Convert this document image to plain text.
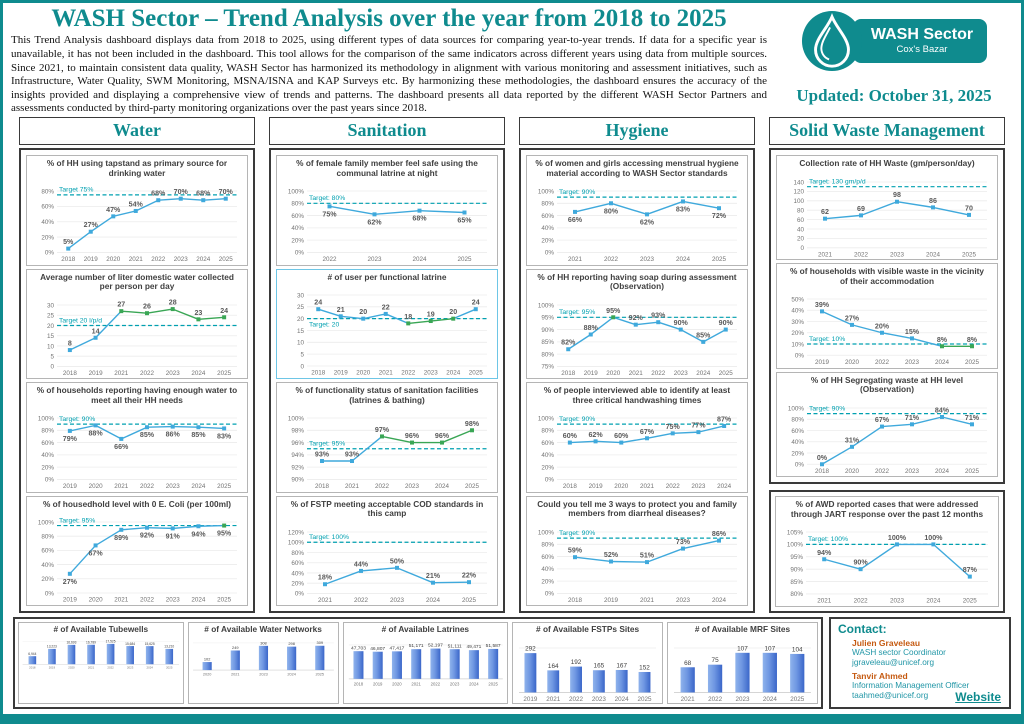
WASH Sector – Trend Analysis over the year from 2018 to 2025

This Trend Analysis dashboard displays data from 2018 to 2025, using different types of data sources for comparing year-to-year trends. If data for a specific year is unavailable, it has not been included in the dashboard. This tool allows for the comparison of the same indicators across different years using data from multiple sources. Since 2021, to maintain consistent data quality, WASH Sector has harmonized its methodology in alignment with various monitoring and assessment initiatives, such as Infrastructure, Water Quality, SWM Monitoring, MSNA/ISNA and KAP Surveys etc. By harmonizing these methodologies, the dashboard ensures the accuracy of the insights provided and displaying a comprehensive view of trends and patterns. The dashboard presents all data reported by the different WASH Sector Partners and assessments conducted by third-party monitoring organizations over the past years since 2018.

WASH Sector
Cox's Bazar
Updated: October 31, 2025
Water
% of HH using tapstand as primary source for drinking water
0%
20%
40%
60%
80%
2018 2019 2020 2021 2022 2023 2024 2025
Target 75%
5%
27%
47%
54%
68% 70% 68% 70%
Average number of liter domestic water collected per person per day
0
5
10
15
20
25
30
2018 2019 2021 2022 2023 2024 2025
Target 20 l/p/d
8
14
27	26
28
23	24
% of households reporting having enough water to meet all their HH needs
0%
20%
40%
60%
80%
100%
2019 2020 2021 2022 2023 2024 2025
Target: 90%
79%
88%
66%
85% 86% 85% 83%
% of housedhold level with 0 E. Coli (per 100ml)
0%
20%
40%
60%
80%
100%
2019 2020 2021 2022 2023 2024 2025
Target: 95%
27%
67%
89% 92% 91% 94% 95%
Sanitation
% of female family member feel safe using the communal latrine at night
0%
20%
40%
60%
80%
100%
2022	2023	2024	2025
Target: 80%
75%
62%	68%	65%
# of user per functional latrine
0
5
10
15
20
25
30
2018 2019 2020 2021 2022 2023 2024 2025
Target: 20
24
21 20
22
18 19 20
24
% of functionality status of sanitation facilities (latrines & bathing)
90%
92%
94%
96%
98%
100%
2018	2021	2022	2023	2024	2025
Target: 95%
93% 93%
97%
96% 96%
98%
% of FSTP meeting acceptable COD standards in this camp
0%
20%
40%
60%
80%
100%
120%
2021	2022	2023	2024	2025
Target: 100%
18%
44%	50%
21%	22%
Hygiene
% of women and girls accessing menstrual hygiene material according to WASH Sector standards
0%
20%
40%
60%
80%
100%
2021	2022	2023	2024	2025
Target: 90%
66%
80%
62%
83%
72%
% of HH reporting having soap during assessment (Observation)
75%
80%
85%
90%
95%
100%
2018 2019 2020 2021 2022 2023 2024 2025
Target: 95%
82%
88%
95%
92% 93%
90%
85%
90%
% of people interviewed able to identify at least three critical handwashing times
0%
20%
40%
60%
80%
100%
2018 2019 2020 2021 2022 2023 2024
Target: 90%
60% 62% 60%
67%
75% 77%
87%
Could you tell me 3 ways to protect you and family members from diarrheal diseases?
0%
20%
40%
60%
80%
100%
2018	2019	2021	2023	2024
Target: 90%
59%
52%	51%
73%
86%
Solid Waste Management
Collection rate of HH Waste (gm/person/day)
0
20
40
60
80
100
120
140
2021	2022	2023	2024	2025
Target: 130 gm/p/d
62	69
98
86
70
% of households with visible waste in the vicinity of their accommodation
0%
10%
20%
30%
40%
50%
2019	2020	2022	2023	2024	2025
Target: 10%
39%
27%
20%
15%
8%	8%
% of HH Segregating waste at HH level (Observation)
0%
20%
40%
60%
80%
100%
2018	2020	2022	2023	2024	2025
Target: 90%
0%
31%
67% 71%
84%
71%
% of AWD reported cases that were addressed through JART response over the past 12 months
80%
85%
90%
95%
100%
105%
2021	2022	2023	2024	2025
Target: 100%
94%
90%
100%	100%
87%
# of Available Tubewells
2018 2019 2020 2021 2022 2023 2024 2025
6,944
13,223
16,693 16,789 17,525
15,684 15,625
13,210
# of Available Water Networks
2020	2021	2023	2024	2025
102
249
308	298	309
# of Available Latrines
2018 2019 2020 2021 2022 2023 2024 2025
47,703 46,807 47,417 51,171 52,197 51,111 49,471 51,587
# of Available FSTPs Sites
2019 2021 2022 2023 2024 2025
292
164
192
165 167 152
# of Available MRF Sites
2021 2022 2023 2024 2025
68	75
107	107	104
Contact:
Julien Graveleau
WASH sector Coordinator
jgraveleau@unicef.org
Tanvir Ahmed
Information Management Officer
taahmed@unicef.org	Website
